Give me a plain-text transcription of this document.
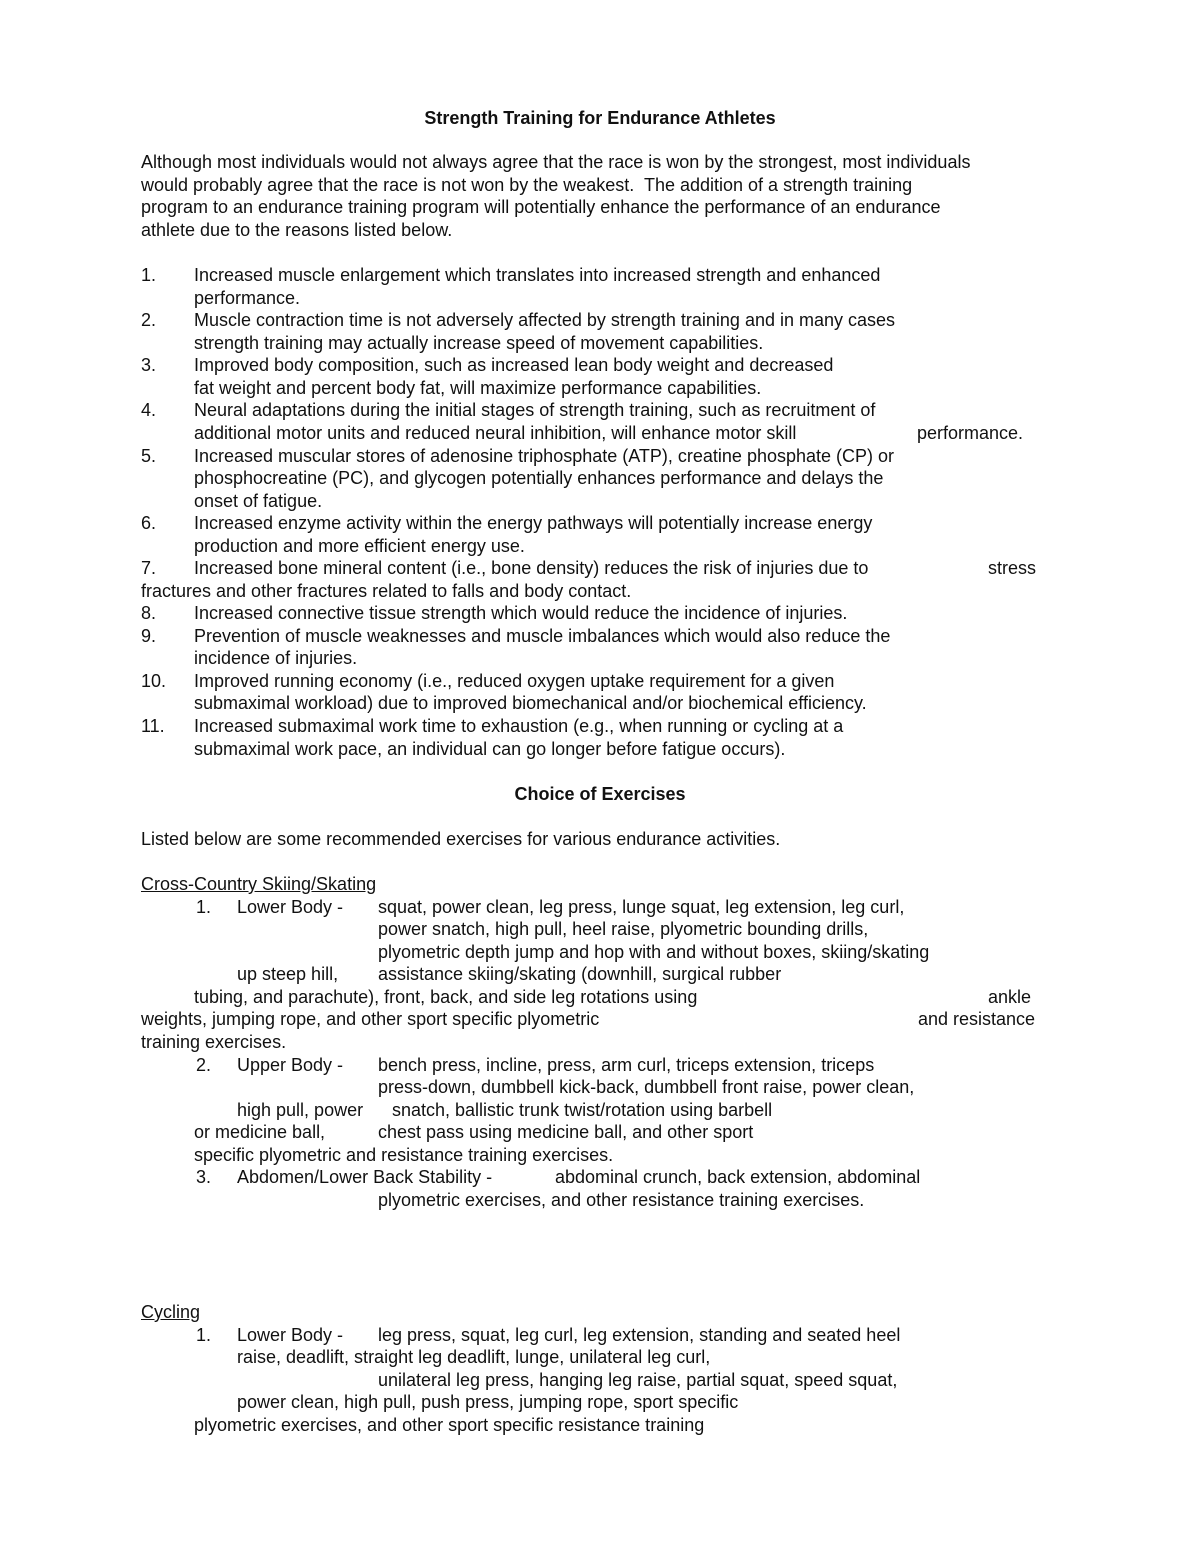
Strength Training for Endurance Athletes
Although most individuals would not always agree that the race is won by the strongest, most individuals
would probably agree that the race is not won by the weakest.  The addition of a strength training
program to an endurance training program will potentially enhance the performance of an endurance
athlete due to the reasons listed below.
1. Increased muscle enlargement which translates into increased strength and enhanced
performance.
2. Muscle contraction time is not adversely affected by strength training and in many cases
strength training may actually increase speed of movement capabilities.
3. Improved body composition, such as increased lean body weight and decreased
fat weight and percent body fat, will maximize performance capabilities.
4. Neural adaptations during the initial stages of strength training, such as recruitment of
additional motor units and reduced neural inhibition, will enhance motor skill	performance.
5. Increased muscular stores of adenosine triphosphate (ATP), creatine phosphate (CP) or
phosphocreatine (PC), and glycogen potentially enhances performance and delays the
onset of fatigue.
6. Increased enzyme activity within the energy pathways will potentially increase energy
production and more efficient energy use.
7. Increased bone mineral content (i.e., bone density) reduces the risk of injuries due to	stress
fractures and other fractures related to falls and body contact.
8. Increased connective tissue strength which would reduce the incidence of injuries.
9. Prevention of muscle weaknesses and muscle imbalances which would also reduce the
incidence of injuries.
10. Improved running economy (i.e., reduced oxygen uptake requirement for a given
submaximal workload) due to improved biomechanical and/or biochemical efficiency.
11. Increased submaximal work time to exhaustion (e.g., when running or cycling at a
submaximal work pace, an individual can go longer before fatigue occurs).
Choice of Exercises
Listed below are some recommended exercises for various endurance activities.
Cross-Country Skiing/Skating
1. Lower Body - squat, power clean, leg press, lunge squat, leg extension, leg curl,
power snatch, high pull, heel raise, plyometric bounding drills,
plyometric depth jump and hop with and without boxes, skiing/skating
up steep hill, assistance skiing/skating (downhill, surgical rubber
tubing, and parachute), front, back, and side leg rotations using	ankle
weights, jumping rope, and other sport specific plyometric	and resistance
training exercises.
2. Upper Body - bench press, incline, press, arm curl, triceps extension, triceps
press-down, dumbbell kick-back, dumbbell front raise, power clean,
high pull, power snatch, ballistic trunk twist/rotation using barbell
or medicine ball,	chest pass using medicine ball, and other sport
specific plyometric and resistance training exercises.
3. Abdomen/Lower Back Stability -	abdominal crunch, back extension, abdominal
plyometric exercises, and other resistance training exercises.
Cycling
1. Lower Body - leg press, squat, leg curl, leg extension, standing and seated heel
raise, deadlift, straight leg deadlift, lunge, unilateral leg curl,
unilateral leg press, hanging leg raise, partial squat, speed squat,
power clean, high pull, push press, jumping rope, sport specific
plyometric exercises, and other sport specific resistance training
